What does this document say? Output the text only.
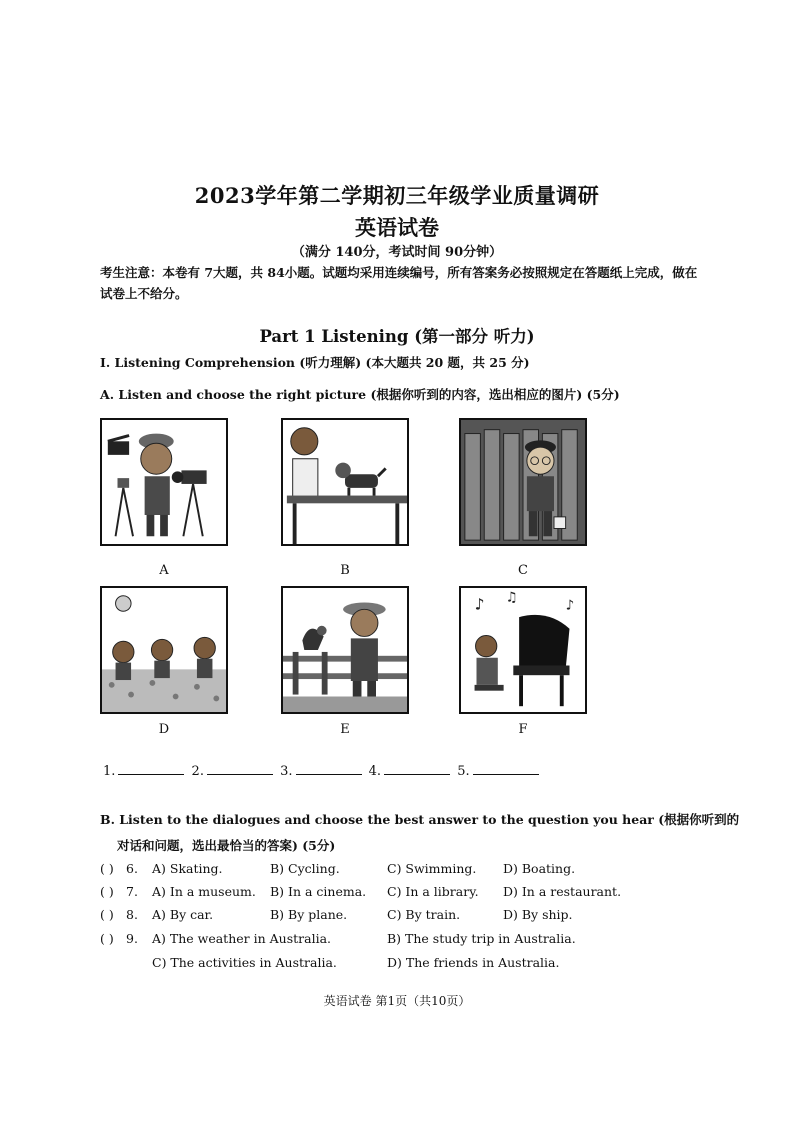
2023学年第二学期初三年级学业质量调研
英语试卷
（满分 140分，考试时间 90分钟）
考生注意：本卷有 7大题，共 84小题。试题均采用连续编号，所有答案务必按照规定在答题纸上完成，做在试卷上不给分。
Part 1 Listening (第一部分 听力)
I. Listening Comprehension (听力理解) (本大题共 20 题，共 25 分)
A. Listen and choose the right picture (根据你听到的内容，选出相应的图片) (5分)
A	B	C
D	E
♪ ♫	♪
F
1.	2.	3.	4.	5.
B. Listen to the dialogues and choose the best answer to the question you hear (根据你听到的
对话和问题，选出最恰当的答案) (5分)
( ) 6. A) Skating.	B) Cycling.	C) Swimming. D) Boating.
( ) 7. A) In a museum. B) In a cinema. C) In a library. D) In a restaurant.
( ) 8. A) By car.	B) By plane.	C) By train.	D) By ship.
( ) 9. A) The weather in Australia.	B) The study trip in Australia.
C) The activities in Australia.	D) The friends in Australia.
英语试卷 第1页（共10页）
